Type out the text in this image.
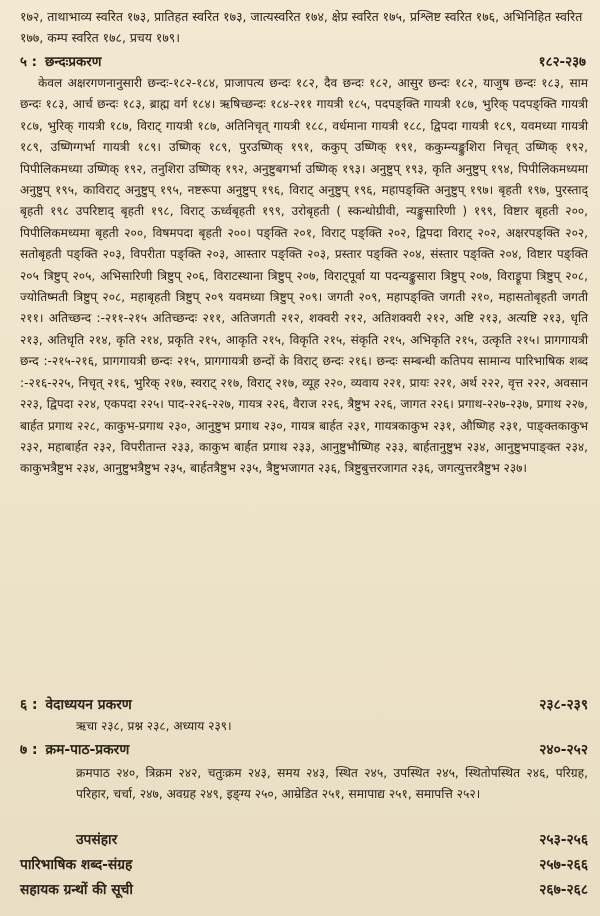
१७२, ताथाभाव्य स्वरित १७३, प्रातिहत स्वरित १७३, जात्यस्वरित १७४, क्षेप्र स्वरित १७५, प्रश्लिष्ट स्वरित १७६, अभिनिहित स्वरित १७७, कम्प स्वरित १७८, प्रचय १७९।
५ : छन्दःप्रकरण	१८२-२३७
केवल अक्षरगणनानुसारी छन्दः-१८२-१८४, प्राजापत्य छन्दः १८२, दैव छन्दः १८२, आसुर छन्दः १८२, याजुष छन्दः १८३, साम छन्दः १८३, आर्च छन्दः १८३, ब्राह्म वर्ग १८४। ऋषिच्छन्दः १८४-२११ गायत्री १८५, पदपङ्क्ति गायत्री १८७, भुरिक् पदपङ्क्ति गायत्री १८७, भुरिक् गायत्री १८७, विराट् गायत्री १८७, अतिनिचृत् गायत्री १८८, वर्धमाना गायत्री १८८, द्विपदा गायत्री १८९, यवमध्या गायत्री १८९, उष्णिग्गर्भा गायत्री १८९। उष्णिक् १८९, पुरउष्णिक् १९१, ककुप् उष्णिक् १९१, ककुम्न्यङ्कुशिरा निचृत् उष्णिक् १९२, पिपीलिकमध्या उष्णिक् १९२, तनुशिरा उष्णिक् १९२, अनुष्टुबगर्भा उष्णिक् १९३। अनुष्टुप् १९३, कृति अनुष्टुप् १९४, पिपीलिकमध्यमा अनुष्टुप् १९५, काविराट् अनुष्टुप् १९५, नष्टरूपा अनुष्टुप् १९६, विराट् अनुष्टुप् १९६, महापङ्क्ति अनुष्टुप् १९७। बृहती १९७, पुरस्ताद् बृहती १९८ उपरिष्टाद् बृहती १९८, विराट् ऊर्ध्वबृहती १९९, उरोबृहती ( स्कन्धोग्रीवी, न्यङ्कुसारिणी ) १९९, विष्टार बृहती २००, पिपीलिकमध्यमा बृहती २००, विषमपदा बृहती २००। पङ्क्ति २०१, विराट् पङ्क्ति २०२, द्विपदा विराट् २०२, अक्षरपङ्क्ति २०२, सतोबृहती पङ्क्ति २०३, विपरीता पङ्क्ति २०३, आस्तार पङ्क्ति २०३, प्रस्तार पङ्क्ति २०४, संस्तार पङ्क्ति २०४, विष्टार पङ्क्ति २०५ त्रिष्टुप् २०५, अभिसारिणी त्रिष्टुप् २०६, विराटस्थाना त्रिष्टुप् २०७, विराट्पूर्वा या पदन्यङ्कुसारा त्रिष्टुप् २०७, विराड्रूपा त्रिष्टुप् २०८, ज्योतिष्मती त्रिष्टुप् २०८, महाबृहती त्रिष्टुप् २०९ यवमध्या त्रिष्टुप् २०९। जगती २०९, महापङ्क्ति जगती २१०, महासतोबृहती जगती २११। अतिच्छन्द :-२११-२१५ अतिच्छन्दः २११, अतिजगती २१२, शक्वरी २१२, अतिशक्वरी २१२, अष्टि २१३, अत्यष्टि २१३, धृति २१३, अतिधृति २१४, कृति २१४, प्रकृति २१५, आकृति २१५, विकृति २१५, संकृति २१५, अभिकृति २१५, उत्कृति २१५। प्रागगायत्री छन्द :-२१५-२१६, प्रागगायत्री छन्दः २१५, प्रागगायत्री छन्दों के विराट् छन्दः २१६। छन्दः सम्बन्धी कतिपय सामान्य पारिभाषिक शब्द :-२१६-२२५, निचृत् २१६, भुरिक् २१७, स्वराट् २१७, विराट् २१७, व्यूह २२०, व्यवाय २२१, प्रायः २२१, अर्थ २२२, वृत्त २२२, अवसान २२३, द्विपदा २२४, एकपदा २२५। पाद-२२६-२२७, गायत्र २२६, वैराज २२६, त्रैष्टुभ २२६, जागत २२६। प्रगाथ-२२७-२३७, प्रगाथ २२७, बार्हत प्रगाथ २२८, काकुभ-प्रगाथ २३०, आनुष्टुभ प्रगाथ २३०, गायत्र बार्हत २३१, गायत्रकाकुभ २३१, औष्णिह २३१, पाङ्क्तकाकुभ २३२, महाबार्हत २३२, विपरीतान्त २३३, काकुभ बार्हत प्रगाथ २३३, आनुष्टुभौष्णिह २३३, बार्हतानुष्टुभ २३४, आनुष्टुभपाङ्क्त २३४, काकुभत्रैष्टुभ २३४, आनुष्टुभत्रैष्टुभ २३५, बार्हतत्रैष्टुभ २३५, त्रैष्टुभजागत २३६, त्रिष्टुबुत्तरजागत २३६, जगत्युत्तरत्रैष्टुभ २३७।
६ : वेदाध्ययन प्रकरण	२३८-२३९
ऋचा २३८, प्रश्न २३८, अध्याय २३९।
७ : क्रम-पाठ-प्रकरण	२४०-२५२
क्रमपाठ २४०, त्रिक्रम २४२, चतुःक्रम २४३, समय २४३, स्थित २४५, उपस्थित २४५, स्थितोपस्थित २४६, परिग्रह, परिहार, चर्चा, २४७, अवग्रह २४९, इङ्ग्य २५०, आम्रेडित २५१, समापाद्य २५१, समापत्ति २५२।
उपसंहार	२५३-२५६
पारिभाषिक शब्द-संग्रह	२५७-२६६
सहायक ग्रन्थों की सूची	२६७-२६८
